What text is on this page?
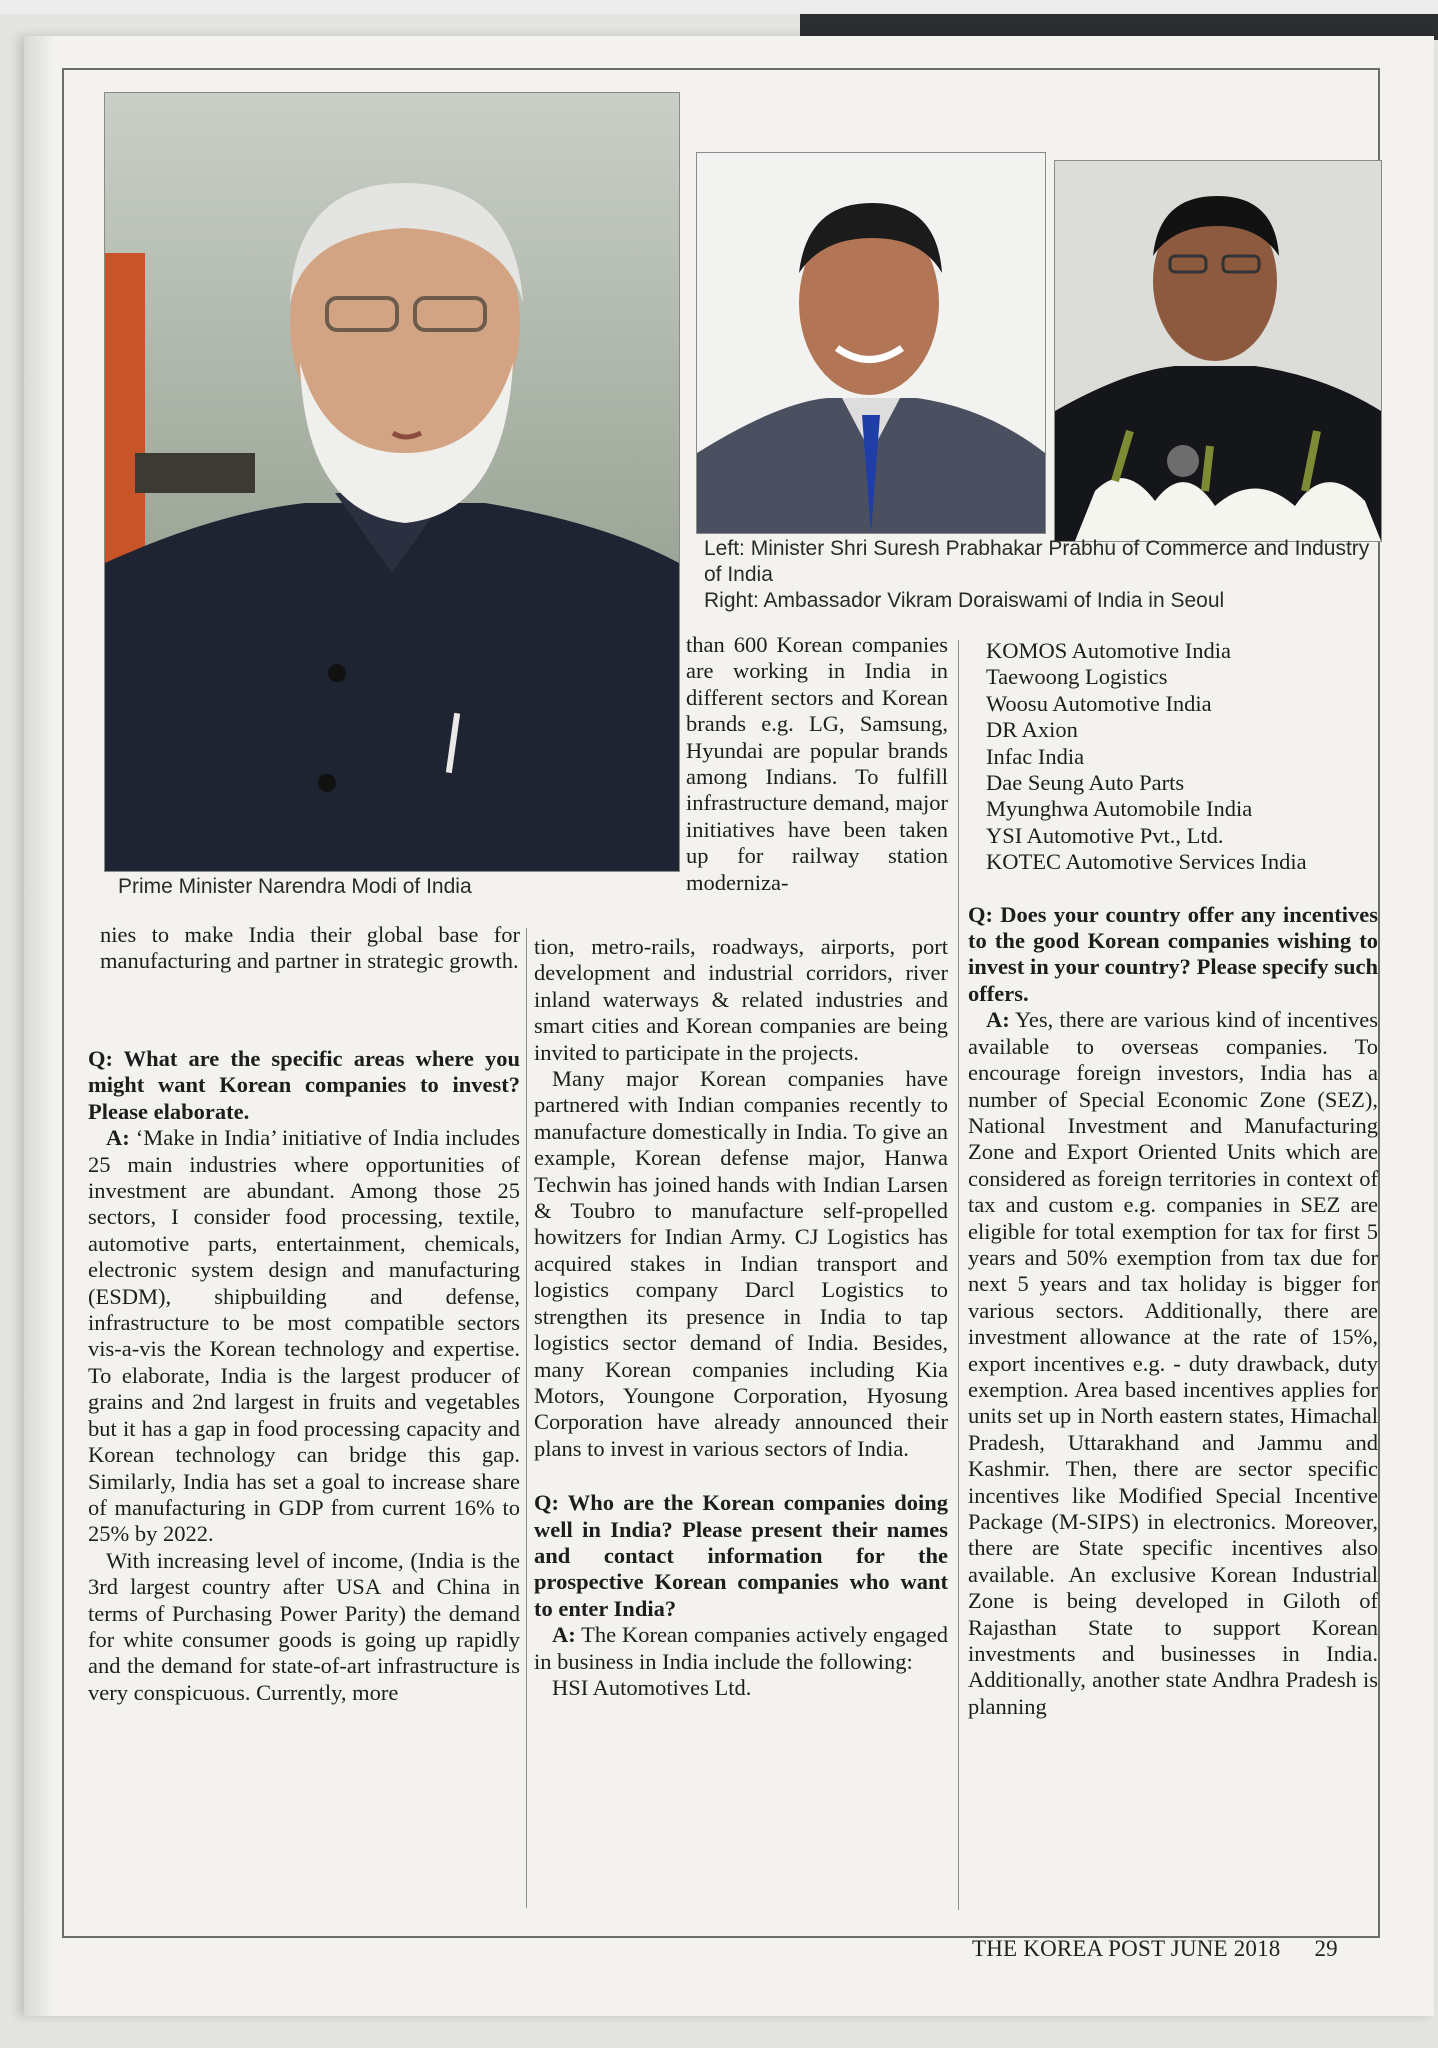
Prime Minister Narendra Modi of India
Left: Minister Shri Suresh Prabhakar Prabhu of Commerce and Industry of India
Right: Ambassador Vikram Doraiswami of India in Seoul

nies to make India their global base for manufacturing and partner in strategic growth.

Q: What are the specific areas where you might want Korean companies to invest? Please elaborate.

A: ‘Make in India’ initiative of India includes 25 main industries where opportunities of investment are abundant. Among those 25 sectors, I consider food processing, textile, automotive parts, entertainment, chemicals, electronic system design and manufacturing (ESDM), shipbuilding and defense, infrastructure to be most compatible sectors vis-a-vis the Korean technology and expertise. To elaborate, India is the largest producer of grains and 2nd largest in fruits and vegetables but it has a gap in food processing capacity and Korean technology can bridge this gap. Similarly, India has set a goal to increase share of manufacturing in GDP from current 16% to 25% by 2022.

With increasing level of income, (India is the 3rd largest country after USA and China in terms of Purchasing Power Parity) the demand for white consumer goods is going up rapidly and the demand for state-of-art infrastructure is very conspicuous. Currently, more

than 600 Korean companies are working in India in different sectors and Korean brands e.g. LG, Samsung, Hyundai are popular brands among Indians. To fulfill infrastructure demand, major initiatives have been taken up for railway station moderniza-

tion, metro-rails, roadways, airports, port development and industrial corridors, river inland waterways & related industries and smart cities and Korean companies are being invited to participate in the projects.

Many major Korean companies have partnered with Indian companies recently to manufacture domestically in India. To give an example, Korean defense major, Hanwa Techwin has joined hands with Indian Larsen & Toubro to manufacture self-propelled howitzers for Indian Army. CJ Logistics has acquired stakes in Indian transport and logistics company Darcl Logistics to strengthen its presence in India to tap logistics sector demand of India. Besides, many Korean companies including Kia Motors, Youngone Corporation, Hyosung Corporation have already announced their plans to invest in various sectors of India.

Q: Who are the Korean companies doing well in India? Please present their names and contact information for the prospective Korean companies who want to enter India?

A: The Korean companies actively engaged in business in India include the following:

HSI Automotives Ltd.

KOMOS Automotive India

Taewoong Logistics

Woosu Automotive India

DR Axion

Infac India

Dae Seung Auto Parts

Myunghwa Automobile India

YSI Automotive Pvt., Ltd.

KOTEC Automotive Services India

Q: Does your country offer any incentives to the good Korean companies wishing to invest in your country? Please specify such offers.

A: Yes, there are various kind of incentives available to overseas companies. To encourage foreign investors, India has a number of Special Economic Zone (SEZ), National Investment and Manufacturing Zone and Export Oriented Units which are considered as foreign territories in context of tax and custom e.g. companies in SEZ are eligible for total exemption for tax for first 5 years and 50% exemption from tax due for next 5 years and tax holiday is bigger for various sectors. Additionally, there are investment allowance at the rate of 15%, export incentives e.g. - duty drawback, duty exemption. Area based incentives applies for units set up in North eastern states, Himachal Pradesh, Uttarakhand and Jammu and Kashmir. Then, there are sector specific incentives like Modified Special Incentive Package (M-SIPS) in electronics. Moreover, there are State specific incentives also available. An exclusive Korean Industrial Zone is being developed in Giloth of Rajasthan State to support Korean investments and businesses in India. Additionally, another state Andhra Pradesh is planning

THE KOREA POST JUNE 2018 29
